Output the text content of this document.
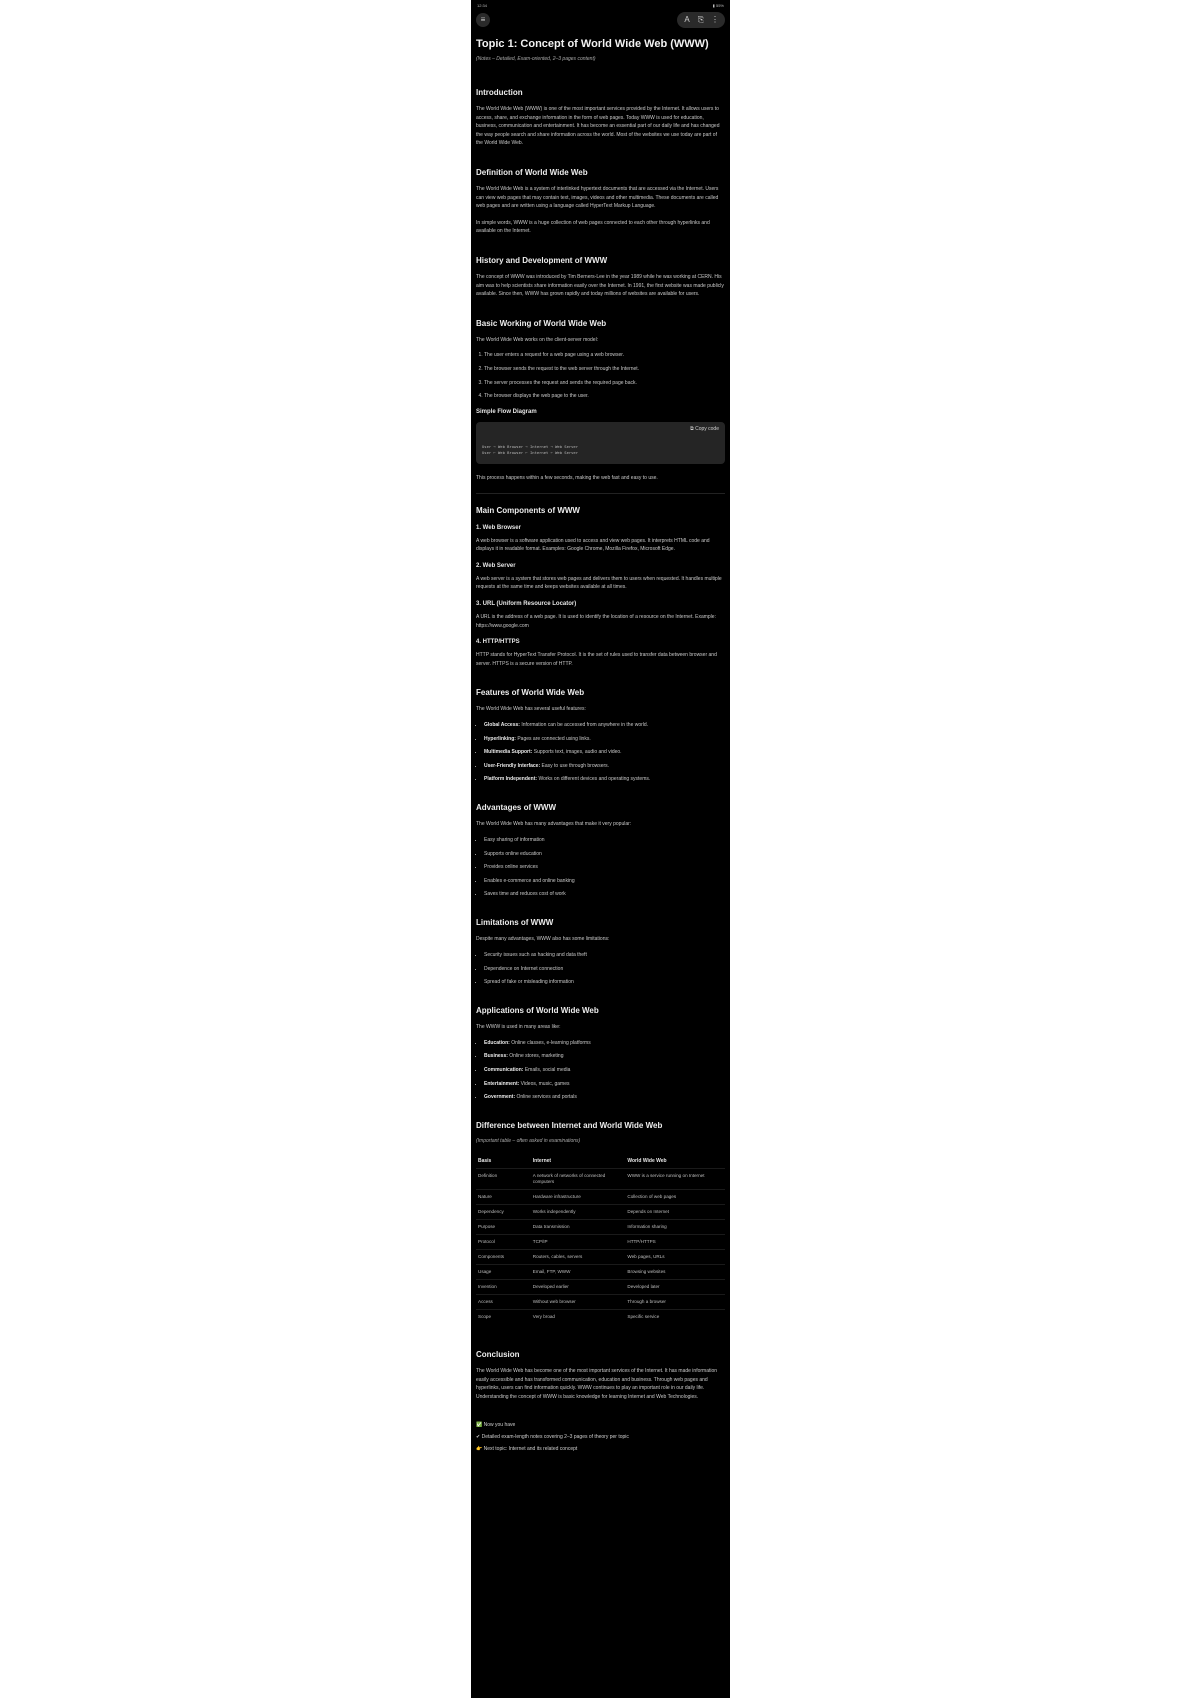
12:34	▮ 55%
≡	A	⎘ ⋮
Topic 1: Concept of World Wide Web (WWW)
(Notes – Detailed, Exam-oriented, 2–3 pages content)
Introduction

The World Wide Web (WWW) is one of the most important services provided by the Internet. It allows users to access, share, and exchange information in the form of web pages. Today WWW is used for education, business, communication and entertainment. It has become an essential part of our daily life and has changed the way people search and share information across the world. Most of the websites we use today are part of the World Wide Web.

Definition of World Wide Web

The World Wide Web is a system of interlinked hypertext documents that are accessed via the Internet. Users can view web pages that may contain text, images, videos and other multimedia. These documents are called web pages and are written using a language called HyperText Markup Language.

In simple words, WWW is a huge collection of web pages connected to each other through hyperlinks and available on the Internet.

History and Development of WWW

The concept of WWW was introduced by Tim Berners-Lee in the year 1989 while he was working at CERN. His aim was to help scientists share information easily over the Internet. In 1991, the first website was made publicly available. Since then, WWW has grown rapidly and today millions of websites are available for users.

Basic Working of World Wide Web

The World Wide Web works on the client-server model:

1. The user enters a request for a web page using a web browser.
2. The browser sends the request to the web server through the Internet.
3. The server processes the request and sends the required page back.
4. The browser displays the web page to the user.
Simple Flow Diagram
⧉ Copy code
User → Web Browser → Internet → Web Server
User ← Web Browser ← Internet ← Web Server

This process happens within a few seconds, making the web fast and easy to use.

Main Components of WWW
1. Web Browser

A web browser is a software application used to access and view web pages. It interprets HTML code and displays it in readable format. Examples: Google Chrome, Mozilla Firefox, Microsoft Edge.

2. Web Server

A web server is a system that stores web pages and delivers them to users when requested. It handles multiple requests at the same time and keeps websites available at all times.

3. URL (Uniform Resource Locator)

A URL is the address of a web page. It is used to identify the location of a resource on the Internet. Example: https://www.google.com

4. HTTP/HTTPS

HTTP stands for HyperText Transfer Protocol. It is the set of rules used to transfer data between browser and server. HTTPS is a secure version of HTTP.

Features of World Wide Web

The World Wide Web has several useful features:

• Global Access: Information can be accessed from anywhere in the world.
• Hyperlinking: Pages are connected using links.
• Multimedia Support: Supports text, images, audio and video.
• User-Friendly Interface: Easy to use through browsers.
• Platform Independent: Works on different devices and operating systems.
Advantages of WWW

The World Wide Web has many advantages that make it very popular:

• Easy sharing of information
• Supports online education
• Provides online services
• Enables e-commerce and online banking
• Saves time and reduces cost of work
Limitations of WWW

Despite many advantages, WWW also has some limitations:

• Security issues such as hacking and data theft
• Dependence on Internet connection
• Spread of fake or misleading information
Applications of World Wide Web

The WWW is used in many areas like:

• Education: Online classes, e-learning platforms
• Business: Online stores, marketing
• Communication: Emails, social media
• Entertainment: Videos, music, games
• Government: Online services and portals
Difference between Internet and World Wide Web
(Important table – often asked in examinations)
Basis	Internet	World Wide Web
Definition	A network of networks of connected computers	WWW is a service running on Internet
Nature	Hardware infrastructure	Collection of web pages
Dependency	Works independently	Depends on Internet
Purpose	Data transmission	Information sharing
Protocol	TCP/IP	HTTP/HTTPS
Components	Routers, cables, servers	Web pages, URLs
Usage	Email, FTP, WWW	Browsing websites
Invention	Developed earlier	Developed later
Access	Without web browser	Through a browser
Scope	Very broad	Specific service
Conclusion

The World Wide Web has become one of the most important services of the Internet. It has made information easily accessible and has transformed communication, education and business. Through web pages and hyperlinks, users can find information quickly. WWW continues to play an important role in our daily life. Understanding the concept of WWW is basic knowledge for learning Internet and Web Technologies.

✅ Now you have
✔ Detailed exam-length notes covering 2–3 pages of theory per topic
👉 Next topic: Internet and its related concept
